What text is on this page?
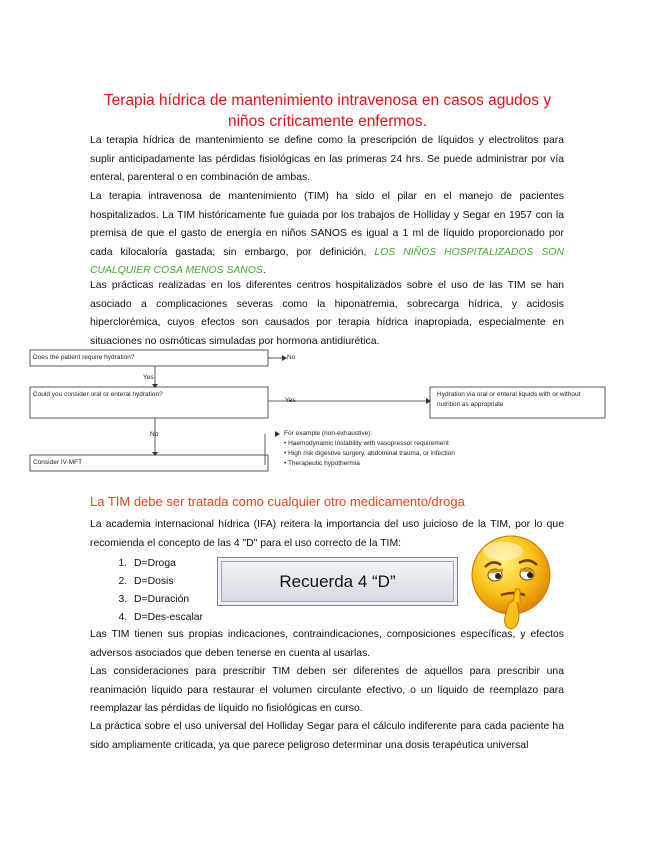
Terapia hídrica de mantenimiento intravenosa en casos agudos y
niños críticamente enfermos.
La terapia hídrica de mantenimiento se define como la prescripción de líquidos y electrolitos para suplir anticipadamente las pérdidas fisiológicas en las primeras 24 hrs. Se puede administrar por vía enteral, parenteral o en combinación de ambas.
La terapia intravenosa de mantenimiento (TIM) ha sido el pilar en el manejo de pacientes hospitalizados. La TIM históricamente fue guiada por los trabajos de Holliday y Segar en 1957 con la premisa de que el gasto de energía en niños SANOS es igual a 1 ml de líquido proporcionado por cada kilocaloría gastada; sin embargo, por definición, LOS NIÑOS HOSPITALIZADOS SON CUALQUIER COSA MENOS SANOS.
Las prácticas realizadas en los diferentes centros hospitalizados sobre el uso de las TIM se han asociado a complicaciones severas como la hiponatremia, sobrecarga hídrica, y acidosis hiperclorémica, cuyos efectos son causados por terapia hídrica inapropiada, especialmente en situaciones no osmóticas simuladas por hormona antidiurética.
Does the patient require hydration?	No
Yes
Could you consider oral or enteral hydration?
Yes
Hydration via oral or enteral liquids with or without
nutrition as appropriate
No
Consider IV-MFT
For example (non-exhaustive):
• Haemodynamic instability with vasopressor requirement
• High risk digestive surgery, abdominal trauma, or infection
• Therapeutic hypothermia
La TIM debe ser tratada como cualquier otro medicamento/droga
La academia internacional hídrica (IFA) reitera la importancia del uso juicioso de la TIM, por lo que recomienda el concepto de las 4 "D" para el uso correcto de la TIM:
1. D=Droga
2. D=Dosis
3. D=Duración
4. D=Des-escalar
Recuerda 4 “D”
Las TIM tienen sus propias indicaciones, contraindicaciones, composiciones específicas, y efectos adversos asociados que deben tenerse en cuenta al usarlas.
Las consideraciones para prescribir TIM deben ser diferentes de aquellos para prescribir una reanimación líquido para restaurar el volumen circulante efectivo, o un líquido de reemplazo para reemplazar las pérdidas de líquido no fisiológicas en curso.
La práctica sobre el uso universal del Holliday Segar para el cálculo indiferente para cada paciente ha sido ampliamente criticada, ya que parece peligroso determinar una dosis terapéutica universal
